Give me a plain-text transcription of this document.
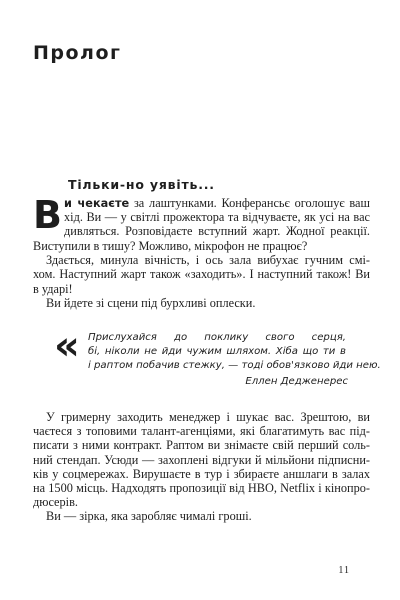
Пролог
Тільки-но уявіть...
В и чекаєте за лаштунками. Конферансьє оголошує ваш
хід. Ви — у світлі прожектора та відчуваєте, як усі на вас
дивляться. Розповідаєте вступний жарт. Жодної реакції.
Виступили в тишу? Можливо, мікрофон не працює?
Здається, минула вічність, і ось зала вибухає гучним смі-
хом. Наступний жарт також «заходить». І наступний також! Ви
в ударі!
Ви йдете зі сцени під бурхливі оплески.
« Прислухайся до поклику свого серця,
бі, ніколи не йди чужим шляхом. Хіба що ти в
і раптом побачив стежку, — тоді обов'язково йди нею.
Еллен Дедженерес
У гримерну заходить менеджер і шукає вас. Зрештою, ви
чаєтеся з топовими талант-агенціями, які благатимуть вас під-
писати з ними контракт. Раптом ви знімаєте свій перший соль-
ний стендап. Усюди — захоплені відгуки й мільйони підписни-
ків у соцмережах. Вирушаєте в тур і збираєте аншлаги в залах
на 1500 місць. Надходять пропозиції від HBO, Netflix і кінопро-
дюсерів.
Ви — зірка, яка заробляє чималі гроші.
11
